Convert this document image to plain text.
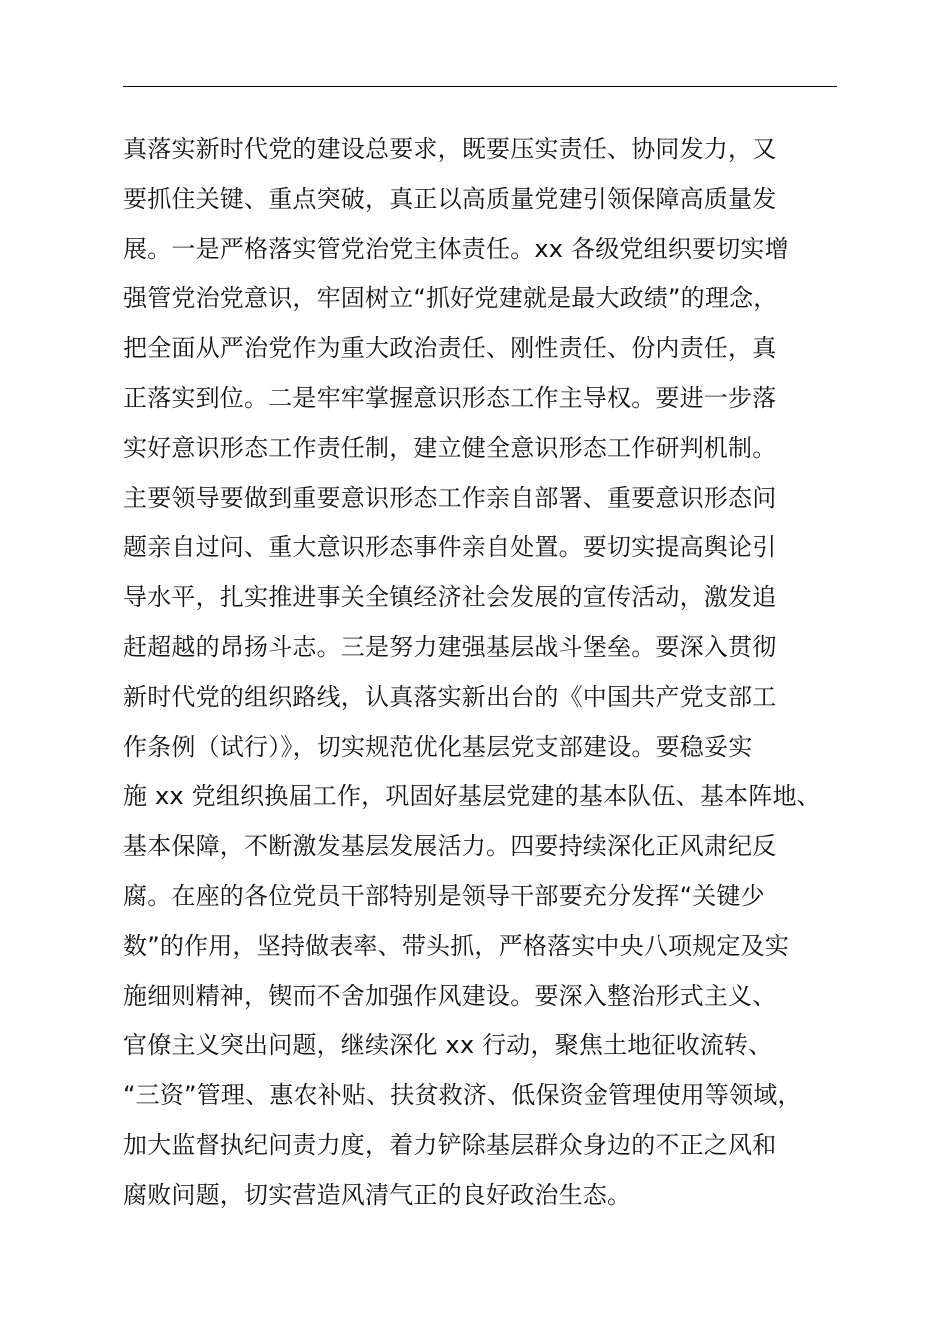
真落实新时代党的建设总要求，既要压实责任、协同发力，又
要抓住关键、重点突破，真正以高质量党建引领保障高质量发
展。一是严格落实管党治党主体责任。xx 各级党组织要切实增
强管党治党意识，牢固树立“抓好党建就是最大政绩”的理念，
把全面从严治党作为重大政治责任、刚性责任、份内责任，真
正落实到位。二是牢牢掌握意识形态工作主导权。要进一步落
实好意识形态工作责任制，建立健全意识形态工作研判机制。
主要领导要做到重要意识形态工作亲自部署、重要意识形态问
题亲自过问、重大意识形态事件亲自处置。要切实提高舆论引
导水平，扎实推进事关全镇经济社会发展的宣传活动，激发追
赶超越的昂扬斗志。三是努力建强基层战斗堡垒。要深入贯彻
新时代党的组织路线，认真落实新出台的《中国共产党支部工
作条例（试行）》，切实规范优化基层党支部建设。要稳妥实
施 xx 党组织换届工作，巩固好基层党建的基本队伍、基本阵地、
基本保障，不断激发基层发展活力。四要持续深化正风肃纪反
腐。在座的各位党员干部特别是领导干部要充分发挥“关键少
数”的作用，坚持做表率、带头抓，严格落实中央八项规定及实
施细则精神，锲而不舍加强作风建设。要深入整治形式主义、
官僚主义突出问题，继续深化 xx 行动，聚焦土地征收流转、
“三资”管理、惠农补贴、扶贫救济、低保资金管理使用等领域，
加大监督执纪问责力度，着力铲除基层群众身边的不正之风和
腐败问题，切实营造风清气正的良好政治生态。
